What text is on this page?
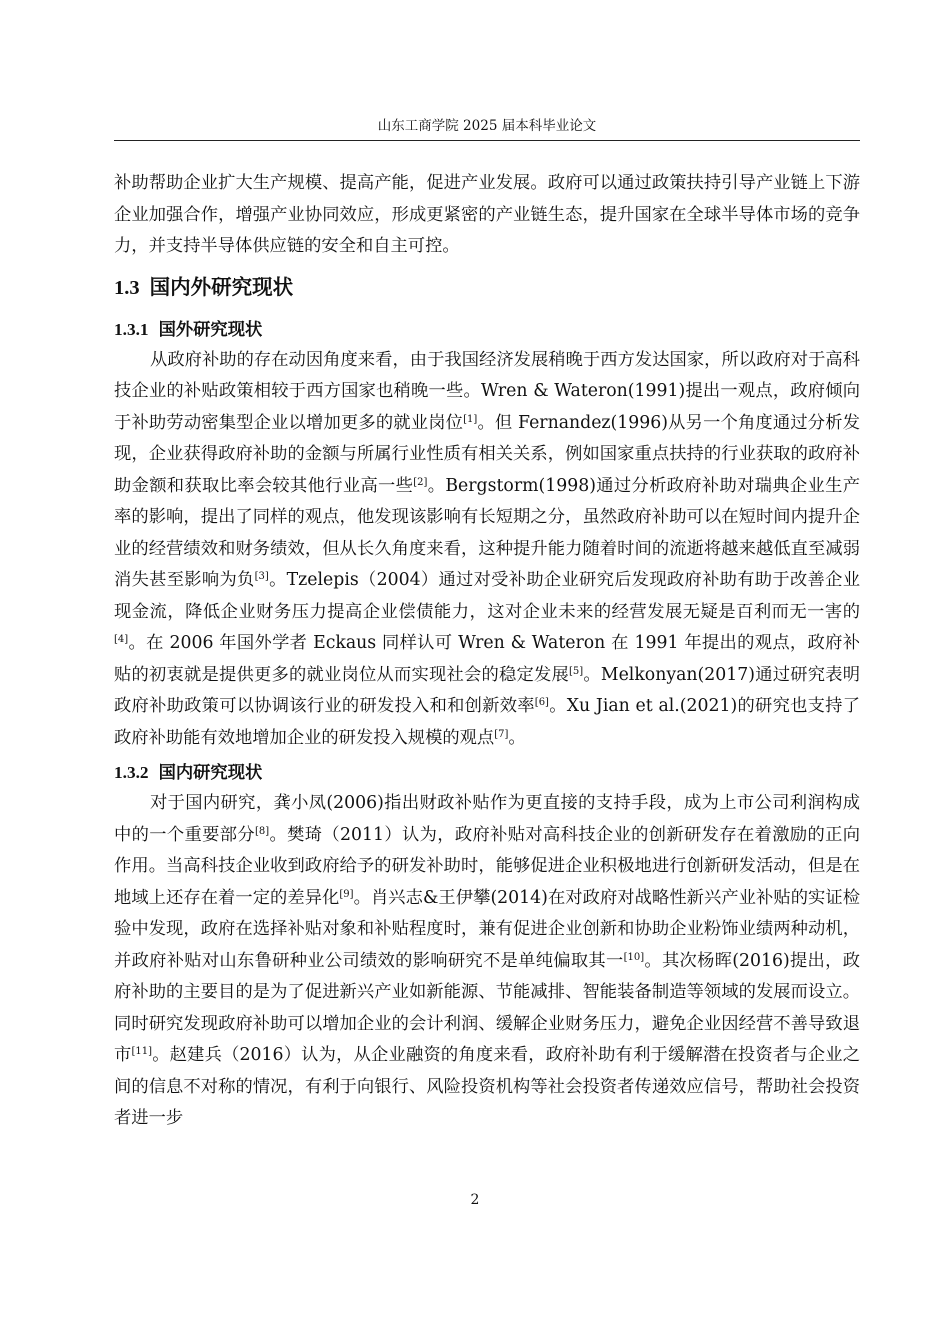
山东工商学院 2025 届本科毕业论文

补助帮助企业扩大生产规模、提高产能，促进产业发展。政府可以通过政策扶持引导产业链上下游企业加强合作，增强产业协同效应，形成更紧密的产业链生态，提升国家在全球半导体市场的竞争力，并支持半导体供应链的安全和自主可控。

1.3 国内外研究现状
1.3.1 国外研究现状

从政府补助的存在动因角度来看，由于我国经济发展稍晚于西方发达国家，所以政府对于高科技企业的补贴政策相较于西方国家也稍晚一些。Wren & Wateron(1991)提出一观点，政府倾向于补助劳动密集型企业以增加更多的就业岗位[1]。但 Fernandez(1996)从另一个角度通过分析发现，企业获得政府补助的金额与所属行业性质有相关关系，例如国家重点扶持的行业获取的政府补助金额和获取比率会较其他行业高一些[2]。Bergstorm(1998)通过分析政府补助对瑞典企业生产率的影响，提出了同样的观点，他发现该影响有长短期之分，虽然政府补助可以在短时间内提升企业的经营绩效和财务绩效，但从长久角度来看，这种提升能力随着时间的流逝将越来越低直至减弱消失甚至影响为负[3]。Tzelepis（2004）通过对受补助企业研究后发现政府补助有助于改善企业现金流，降低企业财务压力提高企业偿债能力，这对企业未来的经营发展无疑是百利而无一害的[4]。在 2006 年国外学者 Eckaus 同样认可 Wren & Wateron 在 1991 年提出的观点，政府补贴的初衷就是提供更多的就业岗位从而实现社会的稳定发展[5]。Melkonyan(2017)通过研究表明政府补助政策可以协调该行业的研发投入和和创新效率[6]。Xu Jian et al.(2021)的研究也支持了政府补助能有效地增加企业的研发投入规模的观点[7]。

1.3.2 国内研究现状

对于国内研究，龚小凤(2006)指出财政补贴作为更直接的支持手段，成为上市公司利润构成中的一个重要部分[8]。樊琦（2011）认为，政府补贴对高科技企业的创新研发存在着激励的正向作用。当高科技企业收到政府给予的研发补助时，能够促进企业积极地进行创新研发活动，但是在地域上还存在着一定的差异化[9]。肖兴志&王伊攀(2014)在对政府对战略性新兴产业补贴的实证检验中发现，政府在选择补贴对象和补贴程度时，兼有促进企业创新和协助企业粉饰业绩两种动机，并政府补贴对山东鲁研种业公司绩效的影响研究不是单纯偏取其一[10]。其次杨晖(2016)提出，政府补助的主要目的是为了促进新兴产业如新能源、节能减排、智能装备制造等领域的发展而设立。同时研究发现政府补助可以增加企业的会计利润、缓解企业财务压力，避免企业因经营不善导致退市[11]。赵建兵（2016）认为，从企业融资的角度来看，政府补助有利于缓解潜在投资者与企业之间的信息不对称的情况，有利于向银行、风险投资机构等社会投资者传递效应信号，帮助社会投资者进一步

2
